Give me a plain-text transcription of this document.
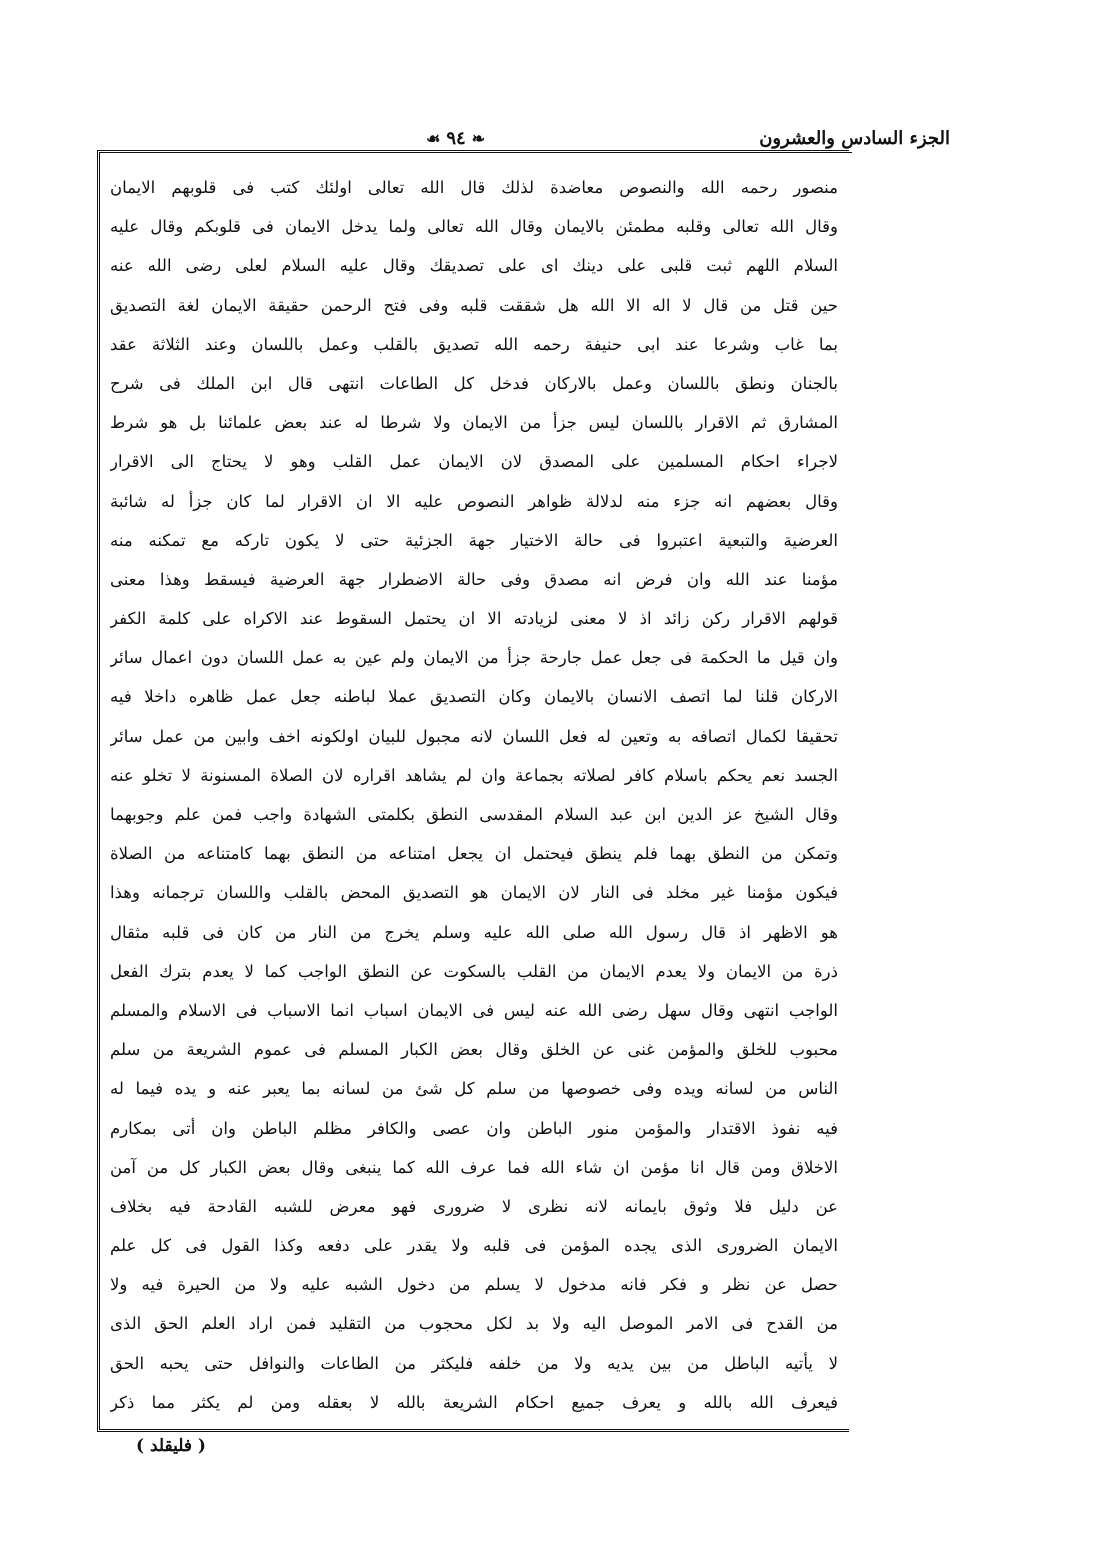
الجزء السادس والعشرون
❧٩٤☙
منصور رحمه الله والنصوص معاضدة لذلك قال الله تعالى اولئك كتب فى قلوبهم الايمان
وقال الله تعالى وقلبه مطمئن بالايمان وقال الله تعالى ولما يدخل الايمان فى قلوبكم وقال عليه
السلام اللهم ثبت قلبى على دينك اى على تصديقك وقال عليه السلام لعلى رضى الله عنه
حين قتل من قال لا اله الا الله هل شققت قلبه وفى فتح الرحمن حقيقة الايمان لغة التصديق
بما غاب وشرعا عند ابى حنيفة رحمه الله تصديق بالقلب وعمل باللسان وعند الثلاثة عقد
بالجنان ونطق باللسان وعمل بالاركان فدخل كل الطاعات انتهى قال ابن الملك فى شرح
المشارق ثم الاقرار باللسان ليس جزأ من الايمان ولا شرطا له عند بعض علمائنا بل هو شرط
لاجراء احكام المسلمين على المصدق لان الايمان عمل القلب وهو لا يحتاج الى الاقرار
وقال بعضهم انه جزء منه لدلالة ظواهر النصوص عليه الا ان الاقرار لما كان جزأ له شائبة
العرضية والتبعية اعتبروا فى حالة الاختيار جهة الجزئية حتى لا يكون تاركه مع تمكنه منه
مؤمنا عند الله وان فرض انه مصدق وفى حالة الاضطرار جهة العرضية فيسقط وهذا معنى
قولهم الاقرار ركن زائد اذ لا معنى لزيادته الا ان يحتمل السقوط عند الاكراه على كلمة الكفر
وان قيل ما الحكمة فى جعل عمل جارحة جزأ من الايمان ولم عين به عمل اللسان دون اعمال سائر
الاركان قلنا لما اتصف الانسان بالايمان وكان التصديق عملا لباطنه جعل عمل ظاهره داخلا فيه
تحقيقا لكمال اتصافه به وتعين له فعل اللسان لانه مجبول للبيان اولكونه اخف وابين من عمل سائر
الجسد نعم يحكم باسلام كافر لصلاته بجماعة وان لم يشاهد اقراره لان الصلاة المسنونة لا تخلو عنه
وقال الشيخ عز الدين ابن عبد السلام المقدسى النطق بكلمتى الشهادة واجب فمن علم وجوبهما
وتمكن من النطق بهما فلم ينطق فيحتمل ان يجعل امتناعه من النطق بهما كامتناعه من الصلاة
فيكون مؤمنا غير مخلد فى النار لان الايمان هو التصديق المحض بالقلب واللسان ترجمانه وهذا
هو الاظهر اذ قال رسول الله صلى الله عليه وسلم يخرج من النار من كان فى قلبه مثقال
ذرة من الايمان ولا يعدم الايمان من القلب بالسكوت عن النطق الواجب كما لا يعدم بترك الفعل
الواجب انتهى وقال سهل رضى الله عنه ليس فى الايمان اسباب انما الاسباب فى الاسلام والمسلم
محبوب للخلق والمؤمن غنى عن الخلق وقال بعض الكبار المسلم فى عموم الشريعة من سلم
الناس من لسانه ويده وفى خصوصها من سلم كل شئ من لسانه بما يعبر عنه و يده فيما له
فيه نفوذ الاقتدار والمؤمن منور الباطن وان عصى والكافر مظلم الباطن وان أتى بمكارم
الاخلاق ومن قال انا مؤمن ان شاء الله فما عرف الله كما ينبغى وقال بعض الكبار كل من آمن
عن دليل فلا وثوق بايمانه لانه نظرى لا ضرورى فهو معرض للشبه القادحة فيه بخلاف
الايمان الضرورى الذى يجده المؤمن فى قلبه ولا يقدر على دفعه وكذا القول فى كل علم
حصل عن نظر و فكر فانه مدخول لا يسلم من دخول الشبه عليه ولا من الحيرة فيه ولا
من القدح فى الامر الموصل اليه ولا بد لكل محجوب من التقليد فمن اراد العلم الحق الذى
لا يأتيه الباطل من بين يديه ولا من خلفه فليكثر من الطاعات والنوافل حتى يحبه الحق
فيعرف الله بالله و يعرف جميع احكام الشريعة بالله لا بعقله ومن لم يكثر مما ذكر
( فليقلد )
